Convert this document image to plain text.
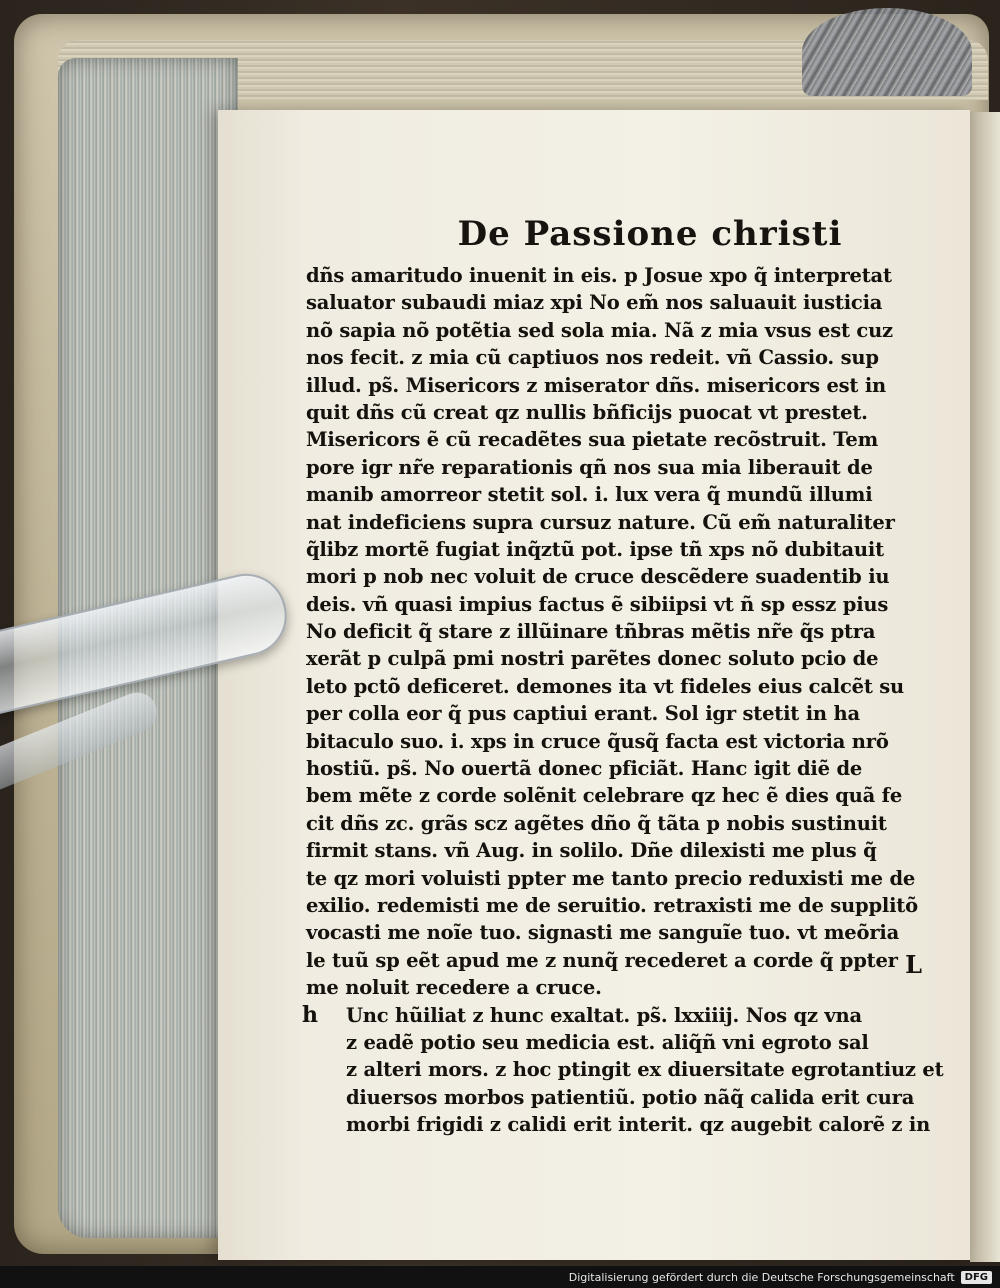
De Passione christi
dñs amaritudo inuenit in eis. p Josue xpo q̃ interpretat
saluator subaudi miaz xpi No em̃ nos saluauit iusticia
nõ sapia nõ potẽtia sed sola mia. Nã z mia vsus est cuz
nos fecit. z mia cũ captiuos nos redeit. vñ Cassio. sup
illud. ps̃. Misericors z miserator dñs. misericors est in
quit dñs cũ creat qz nullis bñficijs puocat vt prestet.
Misericors ẽ cũ recadẽtes sua pietate recõstruit. Tem
pore igr nr̃e reparationis qñ nos sua mia liberauit de
manib amorreor stetit sol. i. lux vera q̃ mundũ illumi
nat indeficiens supra cursuz nature. Cũ em̃ naturaliter
q̃libz mortẽ fugiat inq̃ztũ pot. ipse tñ xps nõ dubitauit
mori p nob nec voluit de cruce descẽdere suadentib iu
deis. vñ quasi impius factus ẽ sibiipsi vt ñ sp essz pius
No deficit q̃ stare z illũinare tñbras mẽtis nr̃e q̃s ptra
xerãt p culpã pmi nostri parẽtes donec soluto pcio de
leto pctõ deficeret. demones ita vt fideles eius calcẽt su
per colla eor q̃ pus captiui erant. Sol igr stetit in ha
bitaculo suo. i. xps in cruce q̃usq̃ facta est victoria nrõ
hostiũ. ps̃. No ouertã donec pficiãt. Hanc igit diẽ de
bem mẽte z corde solẽnit celebrare qz hec ẽ dies quã fe
cit dñs zc. grãs scz agẽtes dño q̃ tãta p nobis sustinuit
firmit stans. vñ Aug. in solilo. Dñe dilexisti me plus q̃
te qz mori voluisti ppter me tanto precio reduxisti me de
exilio. redemisti me de seruitio. retraxisti me de supplitõ
vocasti me noĩe tuo. signasti me sanguĩe tuo. vt meõria
le tuũ sp eẽt apud me z nunq̃ recederet a corde q̃ ppter
me noluit recedere a cruce.
h Unc hũiliat z hunc exaltat. ps̃. lxxiiij. Nos qz vna
z eadẽ potio seu medicia est. aliq̃ñ vni egroto sal
z alteri mors. z hoc ptingit ex diuersitate egrotantiuz et
diuersos morbos patientiũ. potio nãq̃ calida erit cura
morbi frigidi z calidi erit interit. qz augebit calorẽ z in
L
Digitalisierung gefördert durch die Deutsche Forschungsgemeinschaft	DFG
